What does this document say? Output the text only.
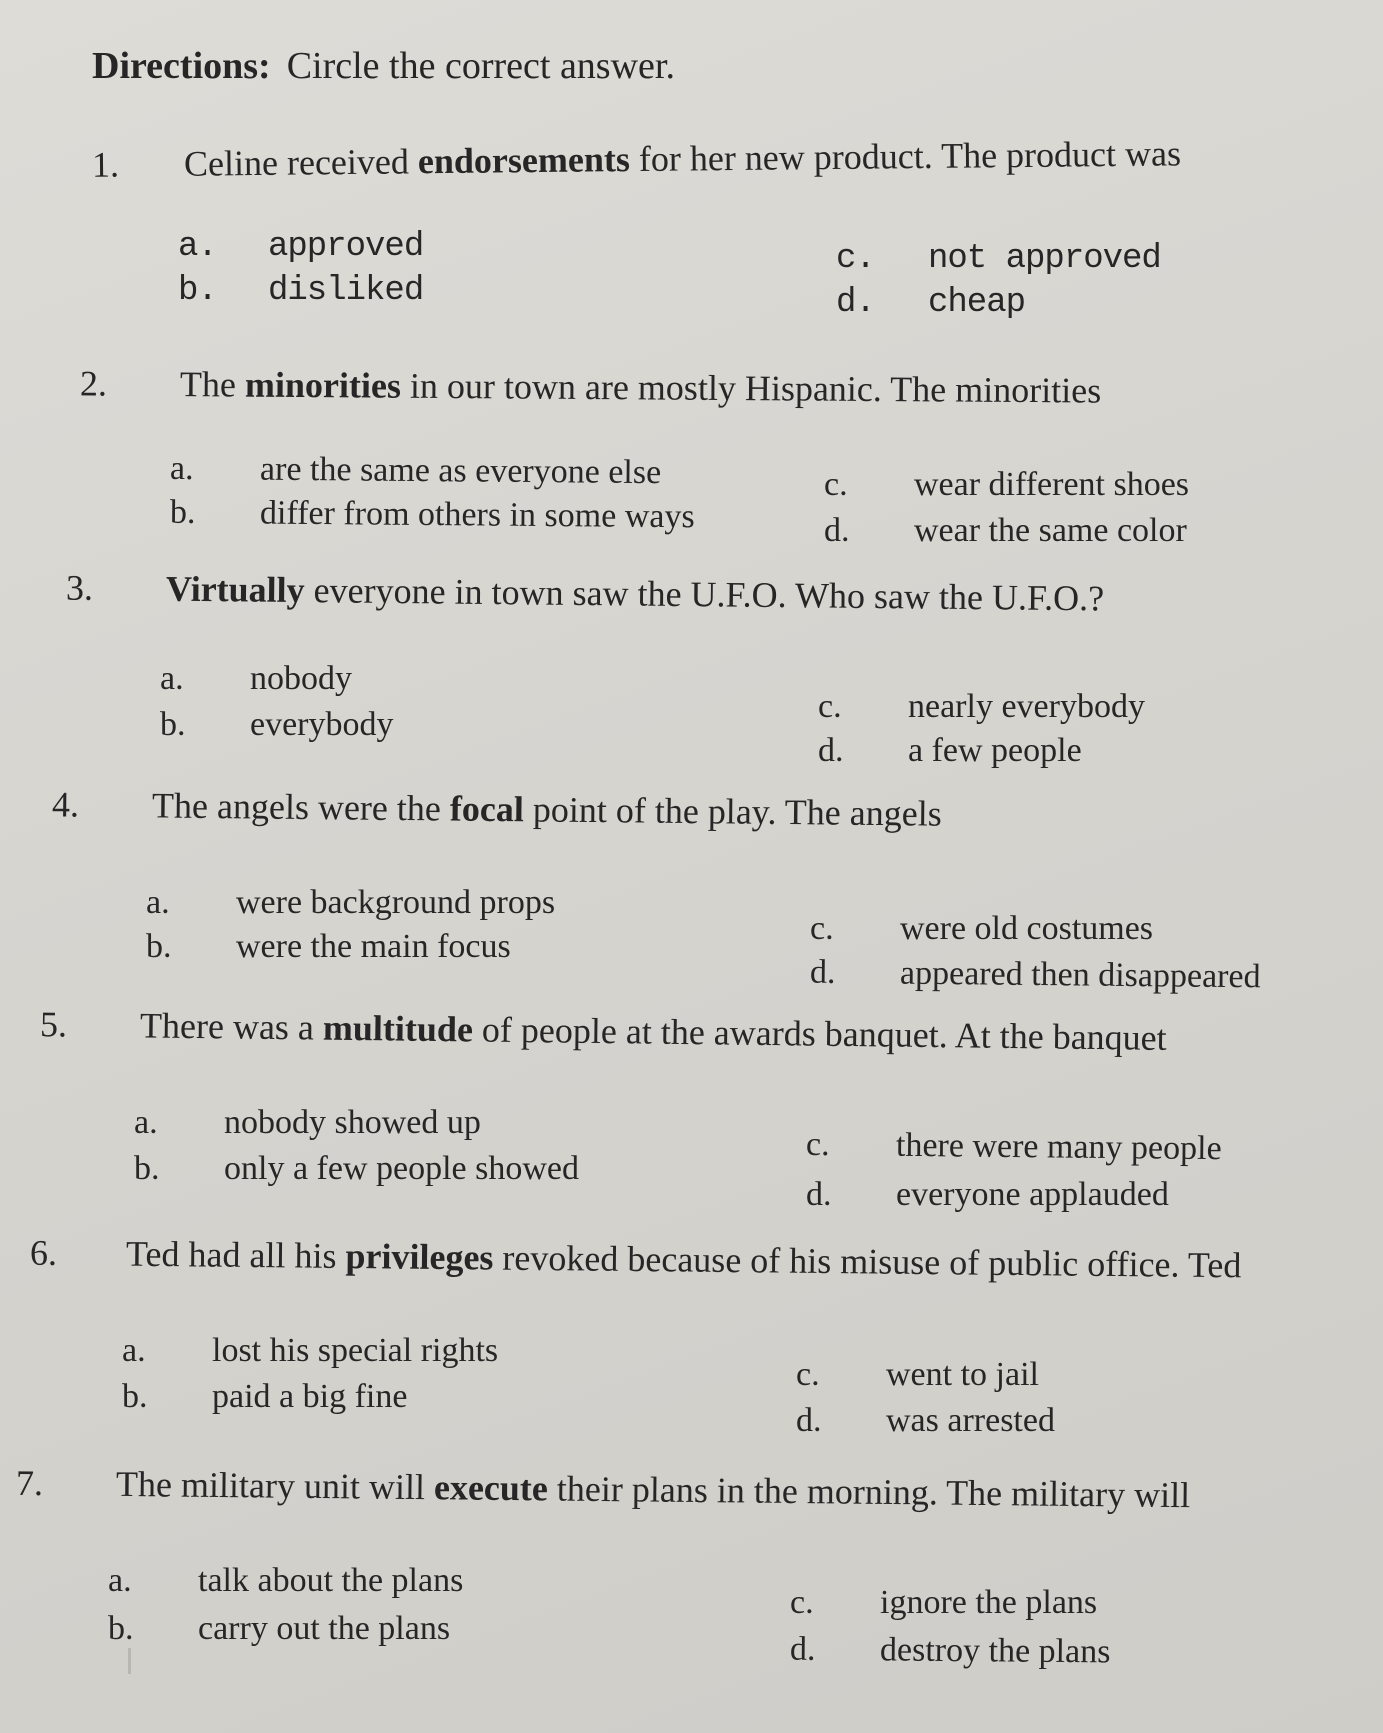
Directions: Circle the correct answer.
1. Celine received endorsements for her new product. The product was
a. approved
b. disliked
c. not approved
d. cheap
2. The minorities in our town are mostly Hispanic. The minorities
a. are the same as everyone else
b. differ from others in some ways
c. wear different shoes
d. wear the same color
3. Virtually everyone in town saw the U.F.O. Who saw the U.F.O.?
a. nobody
b. everybody	c. nearly everybody
d. a few people
4. The angels were the focal point of the play. The angels
a. were background props
b. were the main focus	c. were old costumes
d. appeared then disappeared
5. There was a multitude of people at the awards banquet. At the banquet
a. nobody showed up
b. only a few people showed
c. there were many people
d. everyone applauded
6. Ted had all his privileges revoked because of his misuse of public office. Ted
a. lost his special rights
b. paid a big fine
c. went to jail
d. was arrested
7. The military unit will execute their plans in the morning. The military will
a. talk about the plans
b. carry out the plans
c. ignore the plans
d. destroy the plans
